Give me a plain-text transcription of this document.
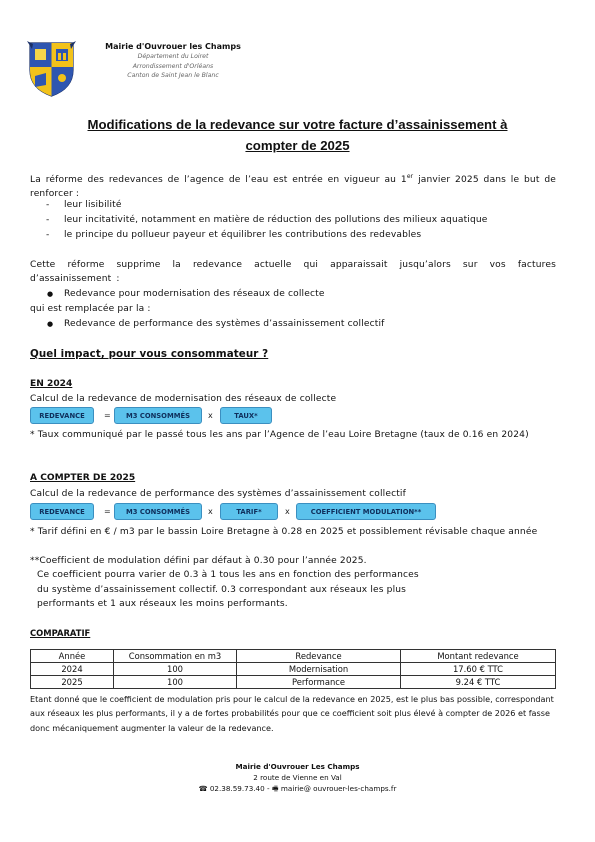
Mairie d'Ouvrouer les Champs
Département du Loiret
Arrondissement d'Orléans
Canton de Saint Jean le Blanc
Modifications de la redevance sur votre facture d’assainissement à
compter de 2025
La réforme des redevances de l’agence de l’eau est entrée en vigueur au 1er janvier 2025 dans le but de renforcer :
- leur lisibilité
- leur incitativité, notamment en matière de réduction des pollutions des milieux aquatique
- le principe du pollueur payeur et équilibrer les contributions des redevables
Cette réforme supprime la redevance actuelle qui apparaissait jusqu’alors sur vos factures d’assainissement :
● Redevance pour modernisation des réseaux de collecte
qui est remplacée par la :
● Redevance de performance des systèmes d’assainissement collectif
Quel impact, pour vous consommateur ?
EN 2024
Calcul de la redevance de modernisation des réseaux de collecte
REDEVANCE	=	M3 CONSOMMÉS	x	TAUX*
* Taux communiqué par le passé tous les ans par l’Agence de l’eau Loire Bretagne (taux de 0.16 en 2024)
A COMPTER DE 2025
Calcul de la redevance de performance des systèmes d’assainissement collectif
REDEVANCE	=	M3 CONSOMMÉS	x	TARIF*	x	COEFFICIENT MODULATION**
* Tarif défini en € / m3 par le bassin Loire Bretagne à 0.28 en 2025 et possiblement révisable chaque année
**Coefficient de modulation défini par défaut à 0.30 pour l’année 2025.
Ce coefficient pourra varier de 0.3 à 1 tous les ans en fonction des performances
du système d’assainissement collectif. 0.3 correspondant aux réseaux les plus
performants et 1 aux réseaux les moins performants.
COMPARATIF
Année	Consommation en m3	Redevance	Montant redevance
2024	100	Modernisation	17.60 € TTC
2025	100	Performance	9.24 € TTC
Etant donné que le coefficient de modulation pris pour le calcul de la redevance en 2025, est le plus bas possible, correspondant aux réseaux les plus performants, il y a de fortes probabilités pour que ce coefficient soit plus élevé à compter de 2026 et fasse donc mécaniquement augmenter la valeur de la redevance.
Mairie d'Ouvrouer Les Champs
2 route de Vienne en Val
☎ 02.38.59.73.40 - 🖷 mairie@ ouvrouer-les-champs.fr
